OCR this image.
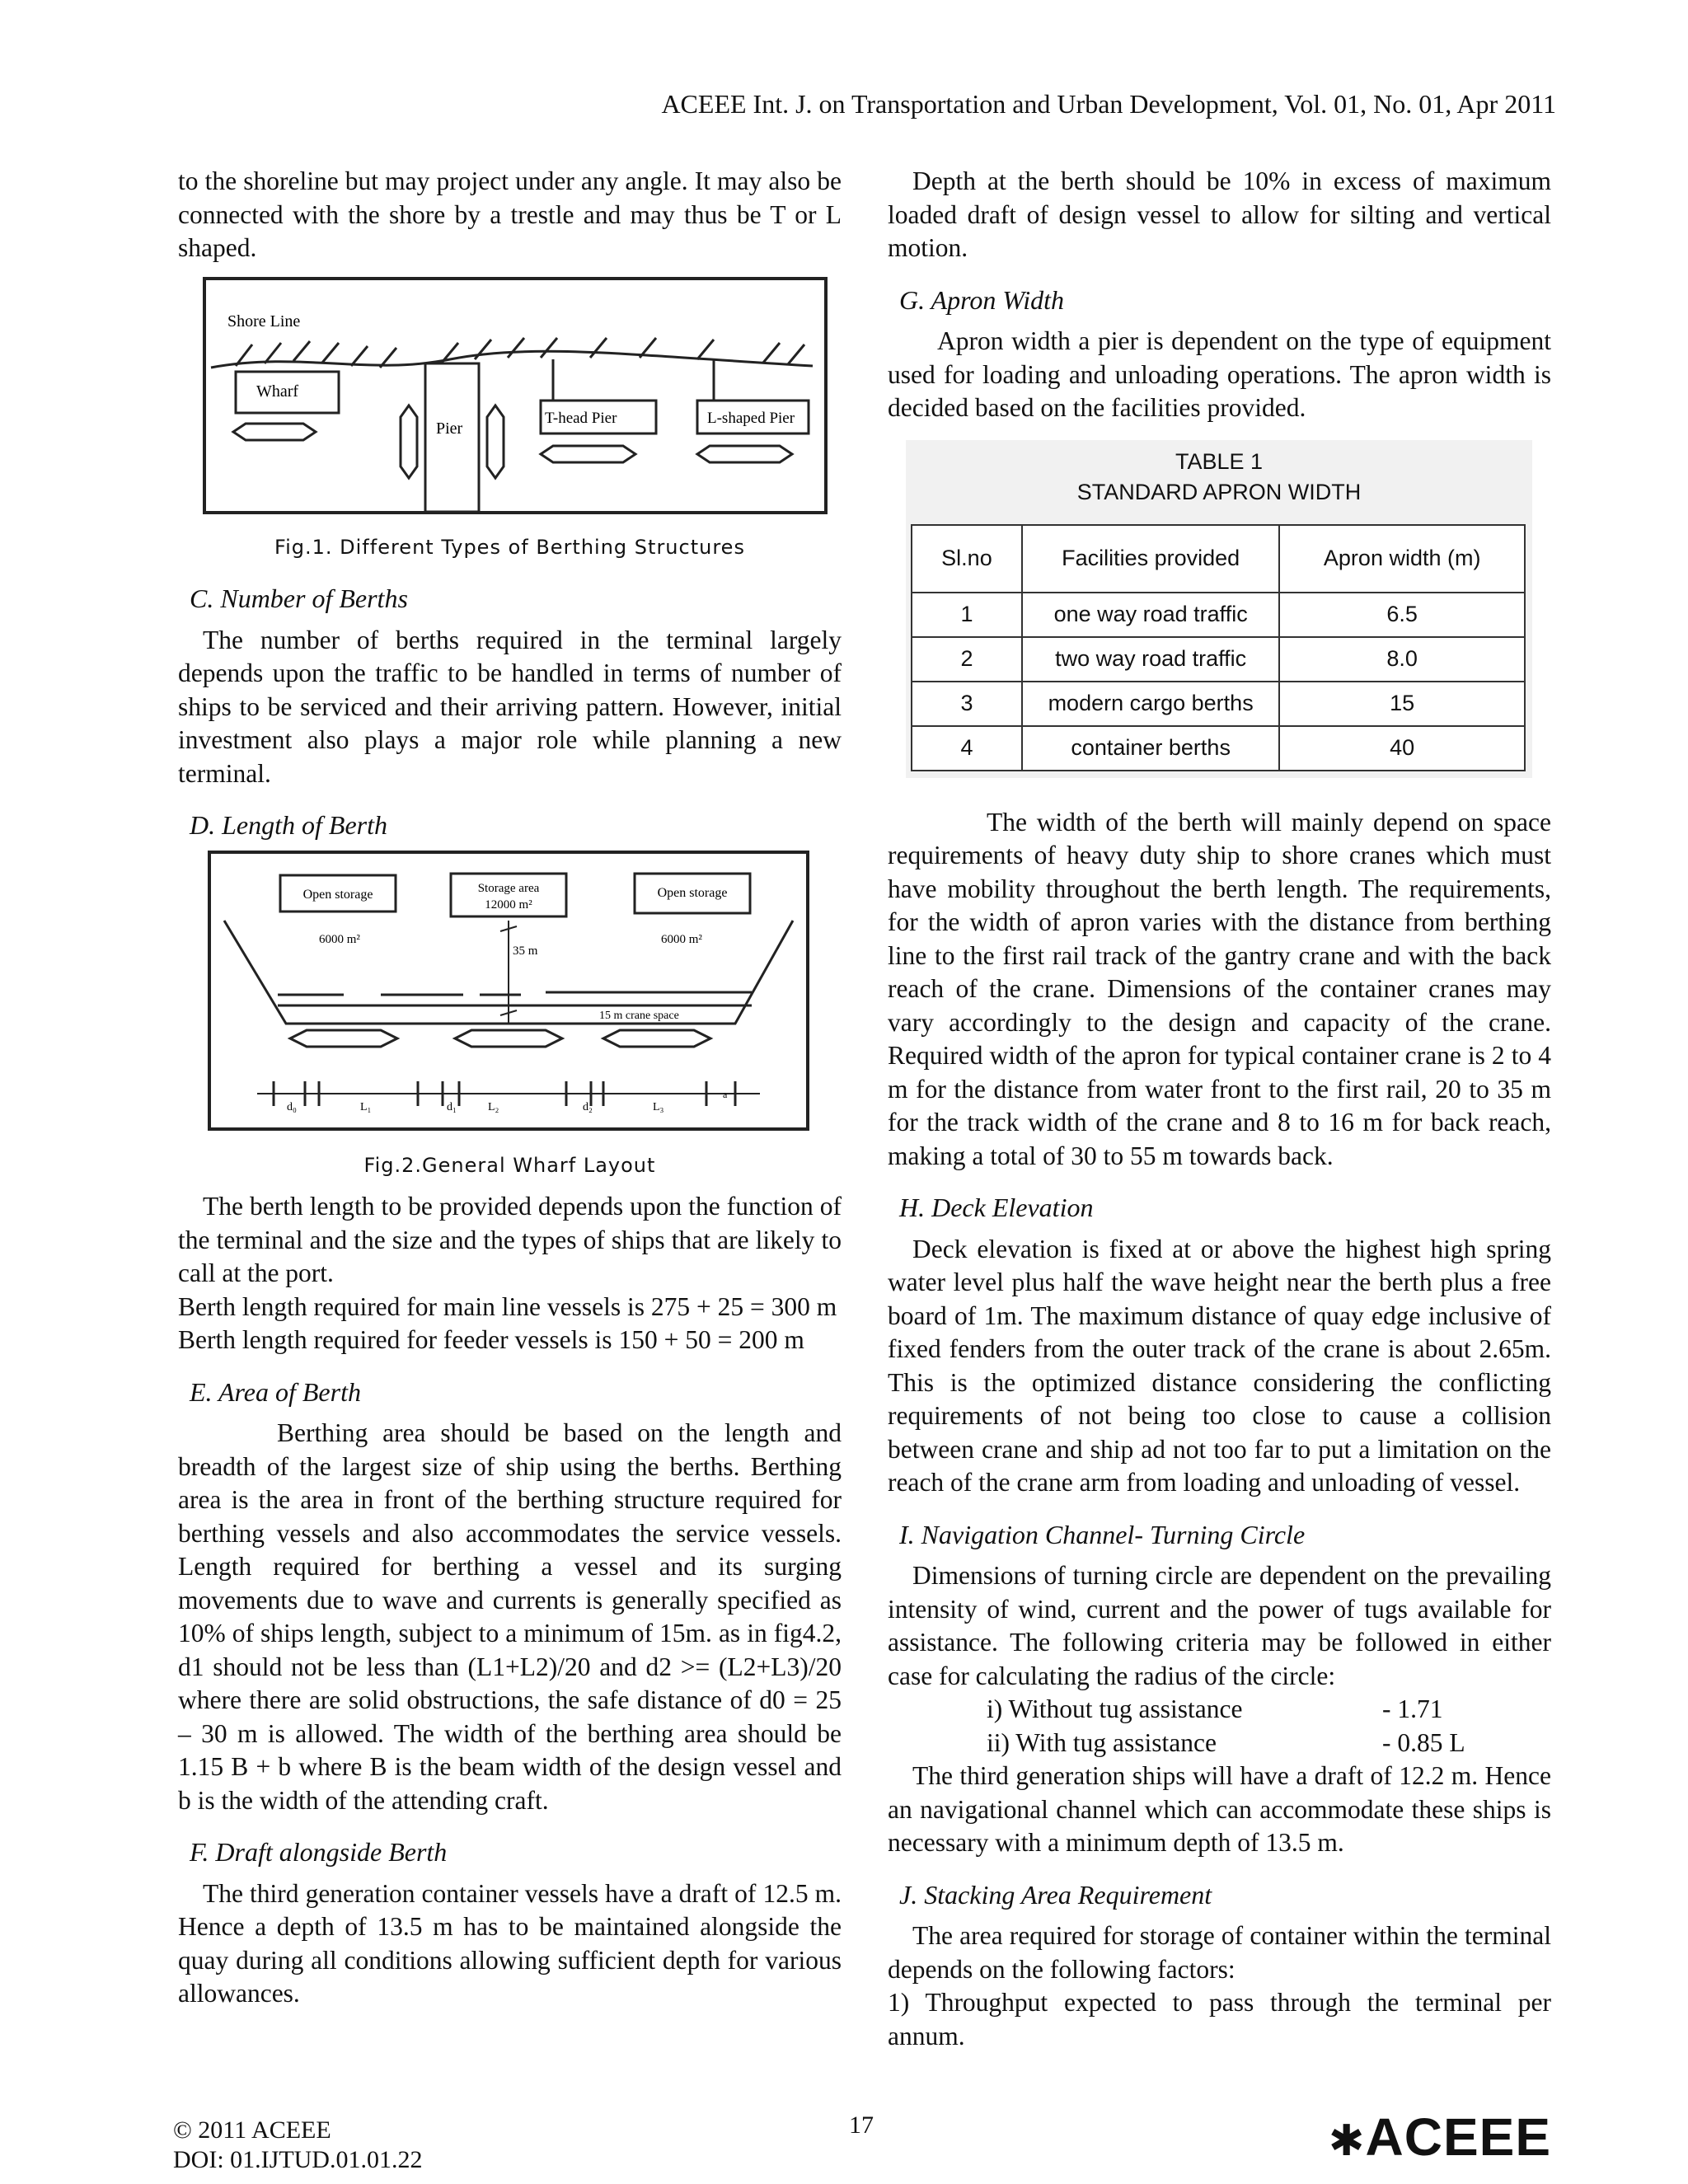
ACEEE Int. J. on Transportation and Urban Development, Vol. 01, No. 01, Apr 2011

to the shoreline but may project under any angle. It may also be connected with the shore by a trestle and may thus be T or L shaped.

Shore Line
Wharf
Pier
T-head Pier	L-shaped Pier
Fig.1. Different Types of Berthing Structures
C. Number of Berths

The number of berths required in the terminal largely depends upon the traffic to be handled in terms of number of ships to be serviced and their arriving pattern. However, initial investment also plays a major role while planning a new terminal.

D. Length of Berth
Open storage	Storage area
12000 m²
Open storage
6000 m²	6000 m²
35 m
15 m crane space
d₀	L₁	d₁	L₂	d₂	L₃
a
Fig.2.General Wharf Layout

The berth length to be provided depends upon the function of the terminal and the size and the types of ships that are likely to call at the port.

Berth length required for main line vessels is 275 + 25 = 300 m

Berth length required for feeder vessels is 150 + 50 = 200 m

E. Area of Berth

Berthing area should be based on the length and breadth of the largest size of ship using the berths. Berthing area is the area in front of the berthing structure required for berthing vessels and also accommodates the service vessels. Length required for berthing a vessel and its surging movements due to wave and currents is generally specified as 10% of ships length, subject to a minimum of 15m. as in fig4.2, d1 should not be less than (L1+L2)/20 and d2 >= (L2+L3)/20 where there are solid obstructions, the safe distance of d0 = 25 – 30 m is allowed. The width of the berthing area should be 1.15 B + b where B is the beam width of the design vessel and b is the width of the attending craft.

F. Draft alongside Berth

The third generation container vessels have a draft of 12.5 m. Hence a depth of 13.5 m has to be maintained alongside the quay during all conditions allowing sufficient depth for various allowances.

Depth at the berth should be 10% in excess of maximum loaded draft of design vessel to allow for silting and vertical motion.

G. Apron Width

Apron width a pier is dependent on the type of equipment used for loading and unloading operations. The apron width is decided based on the facilities provided.

TABLE 1
STANDARD APRON WIDTH
Sl.no	Facilities provided	Apron width (m)
1	one way road traffic	6.5
2	two way road traffic	8.0
3	modern cargo berths	15
4	container berths	40

The width of the berth will mainly depend on space requirements of heavy duty ship to shore cranes which must have mobility throughout the berth length. The requirements, for the width of apron varies with the distance from berthing line to the first rail track of the gantry crane and with the back reach of the crane. Dimensions of the container cranes may vary accordingly to the design and capacity of the crane. Required width of the apron for typical container crane is 2 to 4 m for the distance from water front to the first rail, 20 to 35 m for the track width of the crane and 8 to 16 m for back reach, making a total of 30 to 55 m towards back.

H. Deck Elevation

Deck elevation is fixed at or above the highest high spring water level plus half the wave height near the berth plus a free board of 1m. The maximum distance of quay edge inclusive of fixed fenders from the outer track of the crane is about 2.65m. This is the optimized distance considering the conflicting requirements of not being too close to cause a collision between crane and ship ad not too far to put a limitation on the reach of the crane arm from loading and unloading of vessel.

I. Navigation Channel- Turning Circle

Dimensions of turning circle are dependent on the prevailing intensity of wind, current and the power of tugs available for assistance. The following criteria may be followed in either case for calculating the radius of the circle:

i) Without tug assistance	- 1.71
ii) With tug assistance	- 0.85 L

The third generation ships will have a draft of 12.2 m. Hence an navigational channel which can accommodate these ships is necessary with a minimum depth of 13.5 m.

J. Stacking Area Requirement

The area required for storage of container within the terminal depends on the following factors:

1) Throughput expected to pass through the terminal per annum.

© 2011 ACEEE
DOI: 01.IJTUD.01.01.22
17	✱ACEEE
